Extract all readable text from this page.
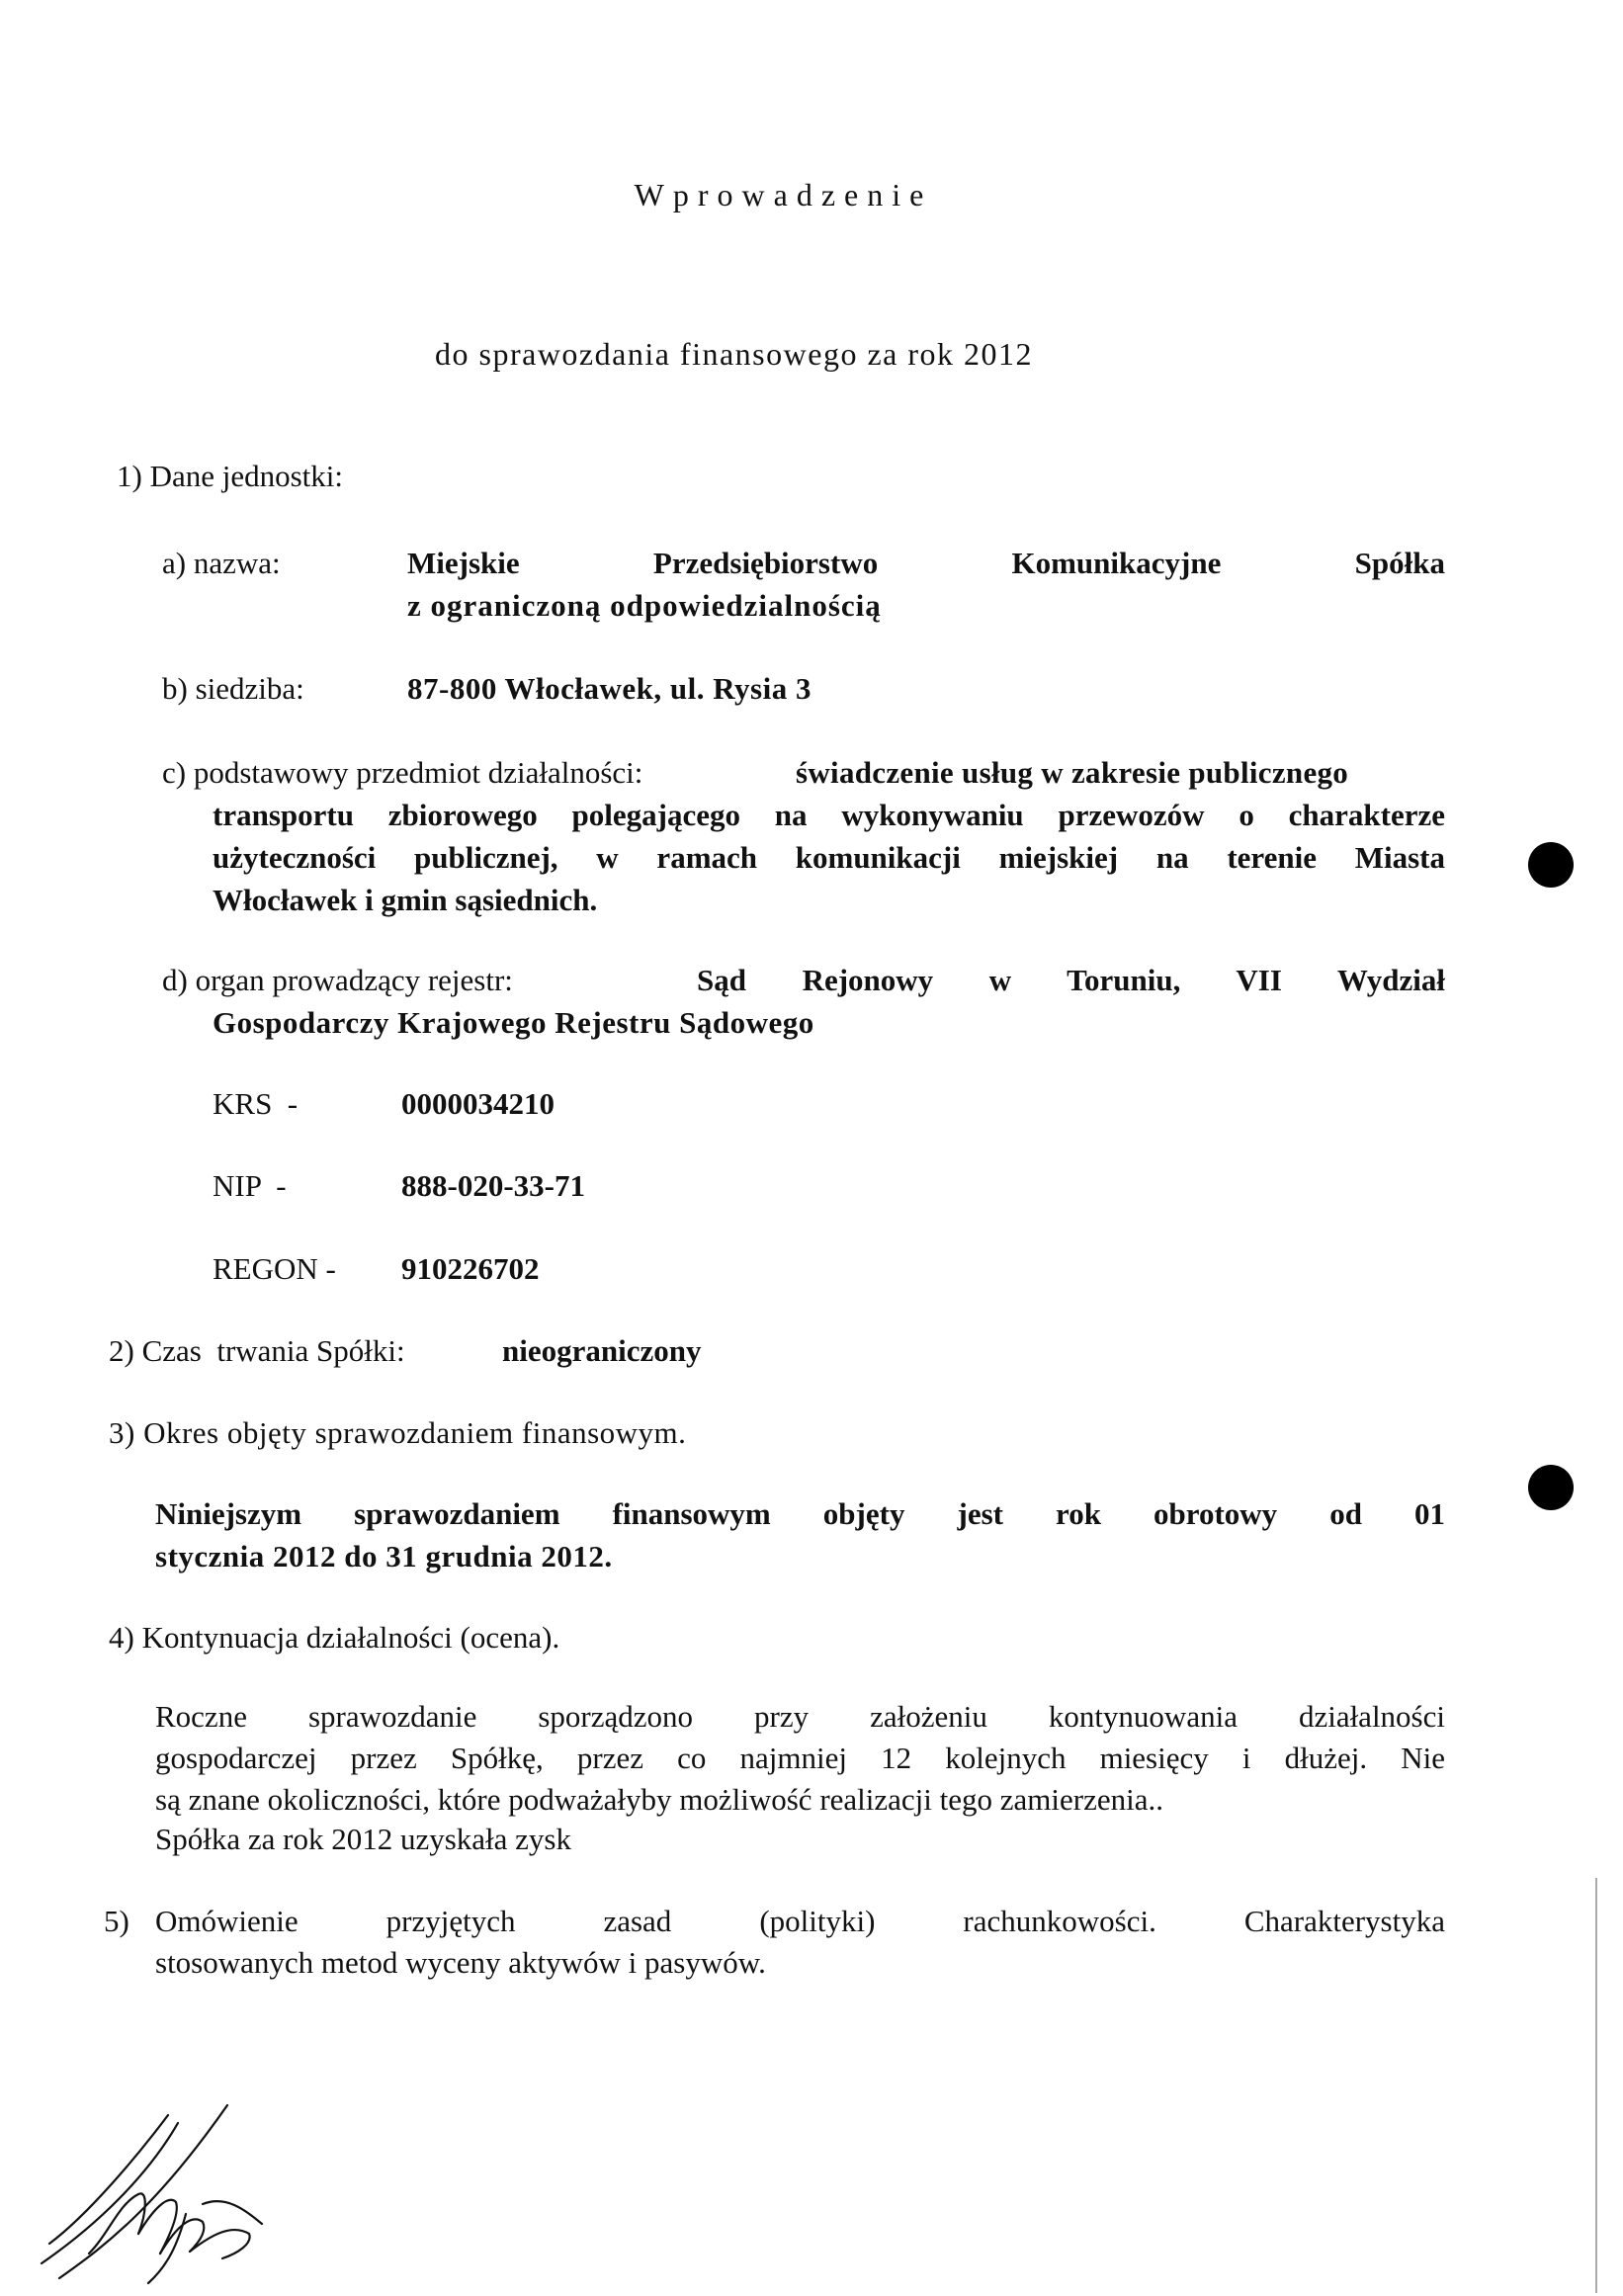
Wprowadzenie
do sprawozdania finansowego za rok 2012
1) Dane jednostki:
a) nazwa:	Miejskie	Przedsiębiorstwo	Komunikacyjne	Spółka
z ograniczoną odpowiedzialnością
b) siedziba:	87-800 Włocławek, ul. Rysia 3
c) podstawowy przedmiot działalności:	świadczenie usług w zakresie publicznego
transportu zbiorowego polegającego na wykonywaniu przewozów o charakterze
użyteczności publicznej, w ramach komunikacji miejskiej na terenie Miasta
Włocławek i gmin sąsiednich.
d) organ prowadzący rejestr:	Sąd Rejonowy w Toruniu, VII Wydział
Gospodarczy Krajowego Rejestru Sądowego
KRS  -	0000034210
NIP  -	888-020-33-71
REGON - 910226702
2) Czas  trwania Spółki:	nieograniczony
3) Okres objęty sprawozdaniem finansowym.
Niniejszym sprawozdaniem finansowym objęty jest rok obrotowy od 01
stycznia 2012 do 31 grudnia 2012.
4) Kontynuacja działalności (ocena).
Roczne sprawozdanie sporządzono przy założeniu kontynuowania działalności
gospodarczej przez Spółkę, przez co najmniej 12 kolejnych miesięcy i dłużej. Nie
są znane okoliczności, które podważałyby możliwość realizacji tego zamierzenia..
Spółka za rok 2012 uzyskała zysk
5) Omówienie przyjętych zasad (polityki) rachunkowości. Charakterystyka
stosowanych metod wyceny aktywów i pasywów.
